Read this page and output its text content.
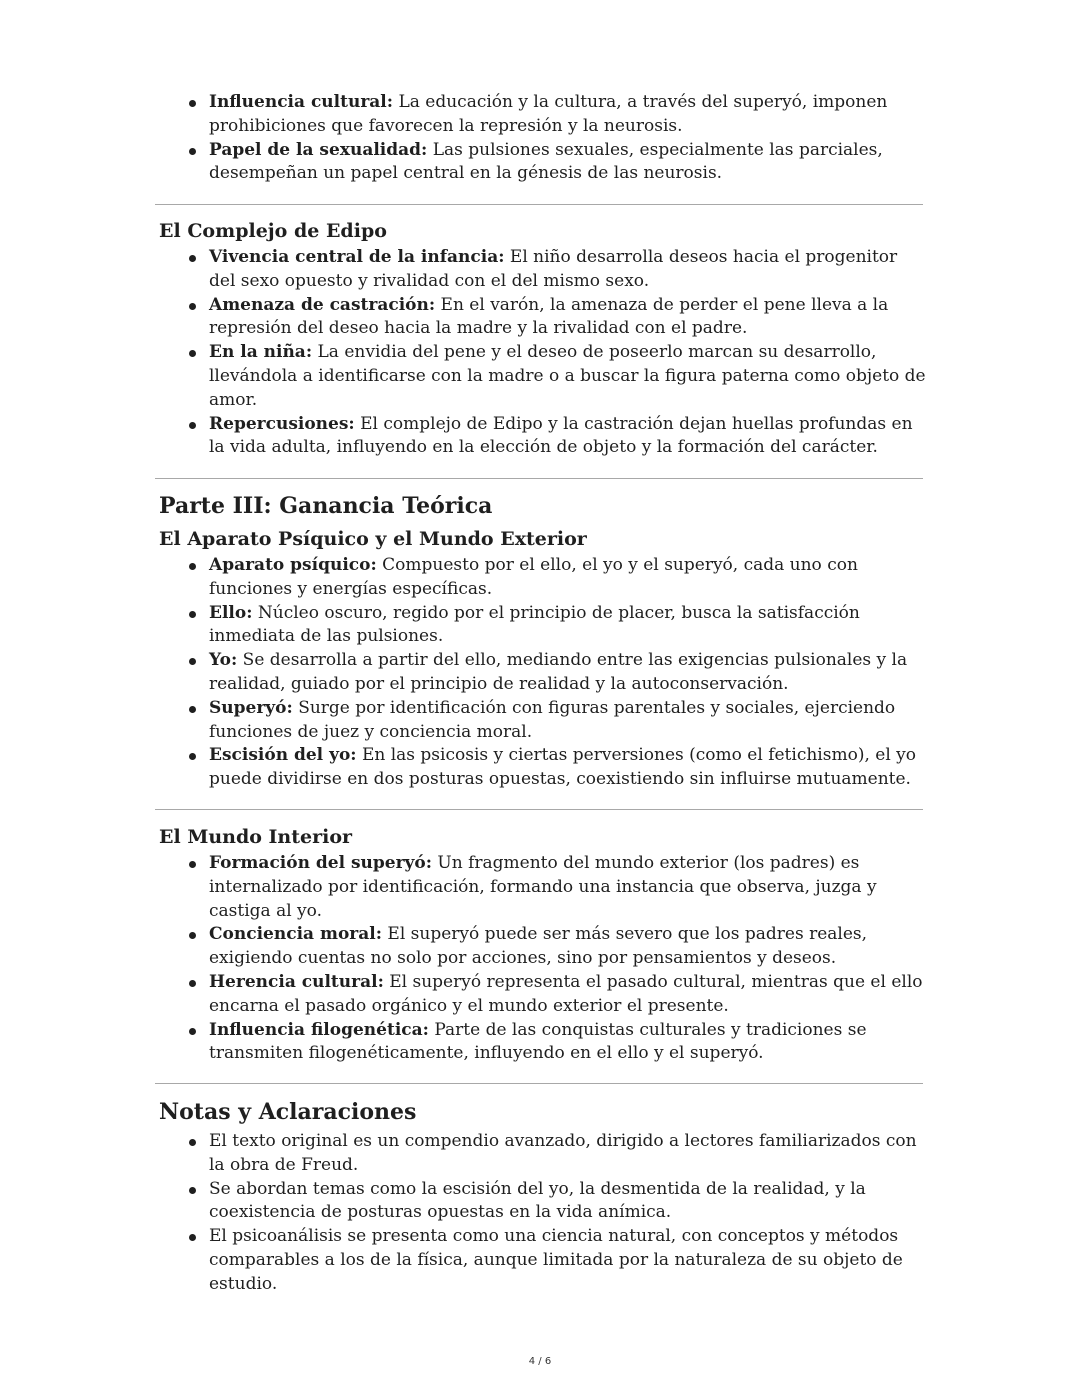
Influencia cultural: La educación y la cultura, a través del superyó, imponen prohibiciones que favorecen la represión y la neurosis.
Papel de la sexualidad: Las pulsiones sexuales, especialmente las parciales, desempeñan un papel central en la génesis de las neurosis.
El Complejo de Edipo
Vivencia central de la infancia: El niño desarrolla deseos hacia el progenitor del sexo opuesto y rivalidad con el del mismo sexo.
Amenaza de castración: En el varón, la amenaza de perder el pene lleva a la represión del deseo hacia la madre y la rivalidad con el padre.
En la niña: La envidia del pene y el deseo de poseerlo marcan su desarrollo, llevándola a identificarse con la madre o a buscar la figura paterna como objeto de amor.
Repercusiones: El complejo de Edipo y la castración dejan huellas profundas en la vida adulta, influyendo en la elección de objeto y la formación del carácter.
Parte III: Ganancia Teórica
El Aparato Psíquico y el Mundo Exterior
Aparato psíquico: Compuesto por el ello, el yo y el superyó, cada uno con funciones y energías específicas.
Ello: Núcleo oscuro, regido por el principio de placer, busca la satisfacción inmediata de las pulsiones.
Yo: Se desarrolla a partir del ello, mediando entre las exigencias pulsionales y la realidad, guiado por el principio de realidad y la autoconservación.
Superyó: Surge por identificación con figuras parentales y sociales, ejerciendo funciones de juez y conciencia moral.
Escisión del yo: En las psicosis y ciertas perversiones (como el fetichismo), el yo puede dividirse en dos posturas opuestas, coexistiendo sin influirse mutuamente.
El Mundo Interior
Formación del superyó: Un fragmento del mundo exterior (los padres) es internalizado por identificación, formando una instancia que observa, juzga y castiga al yo.
Conciencia moral: El superyó puede ser más severo que los padres reales, exigiendo cuentas no solo por acciones, sino por pensamientos y deseos.
Herencia cultural: El superyó representa el pasado cultural, mientras que el ello encarna el pasado orgánico y el mundo exterior el presente.
Influencia filogenética: Parte de las conquistas culturales y tradiciones se transmiten filogenéticamente, influyendo en el ello y el superyó.
Notas y Aclaraciones
El texto original es un compendio avanzado, dirigido a lectores familiarizados con la obra de Freud.
Se abordan temas como la escisión del yo, la desmentida de la realidad, y la coexistencia de posturas opuestas en la vida anímica.
El psicoanálisis se presenta como una ciencia natural, con conceptos y métodos comparables a los de la física, aunque limitada por la naturaleza de su objeto de estudio.
4 / 6
